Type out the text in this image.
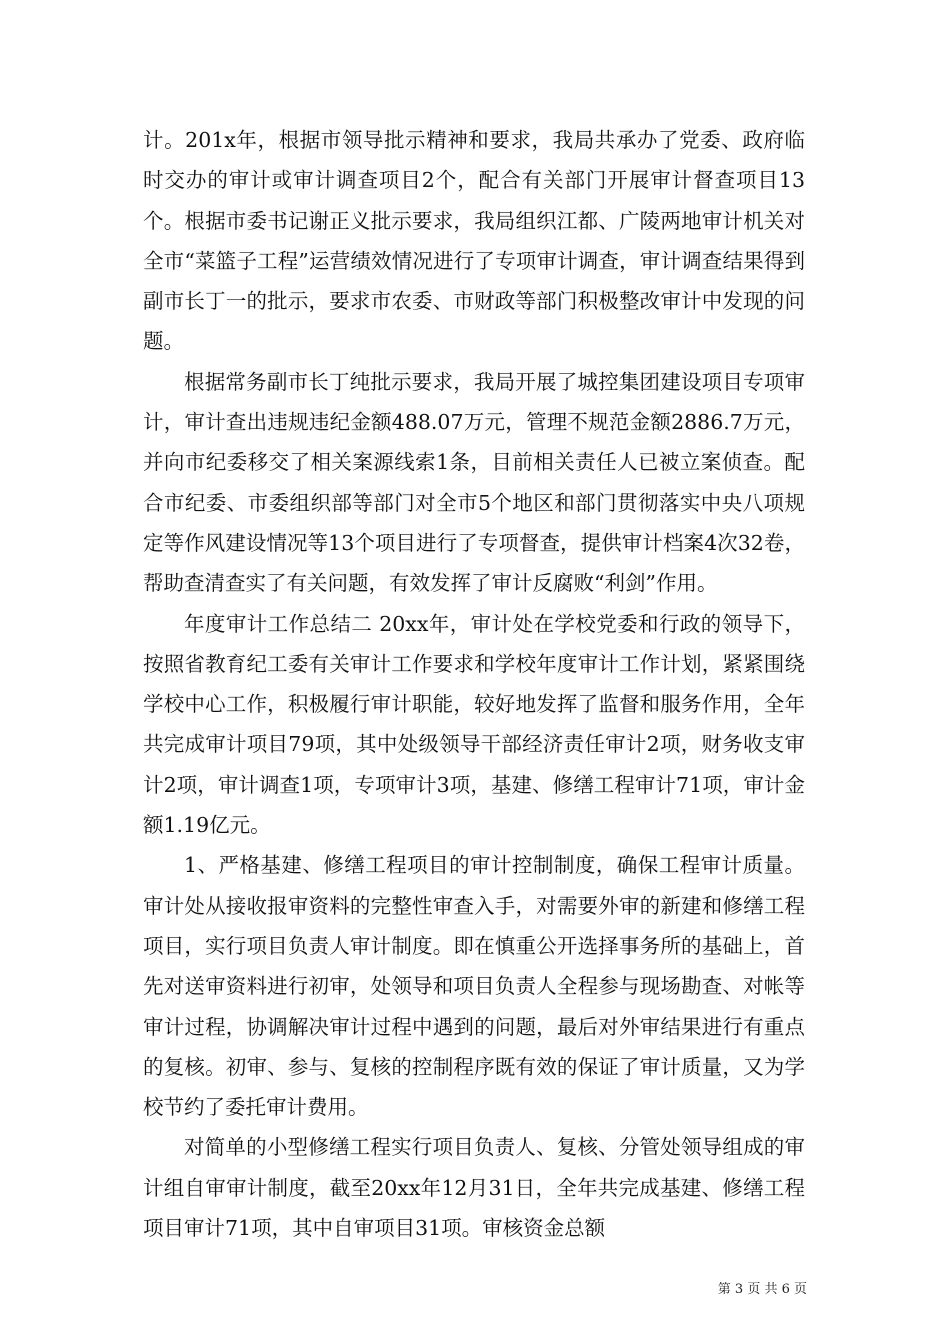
计。201x年，根据市领导批示精神和要求，我局共承办了党委、政府临时交办的审计或审计调查项目2个，配合有关部门开展审计督查项目13个。根据市委书记谢正义批示要求，我局组织江都、广陵两地审计机关对全市“菜篮子工程”运营绩效情况进行了专项审计调查，审计调查结果得到副市长丁一的批示，要求市农委、市财政等部门积极整改审计中发现的问题。

根据常务副市长丁纯批示要求，我局开展了城控集团建设项目专项审计，审计查出违规违纪金额488.07万元，管理不规范金额2886.7万元，并向市纪委移交了相关案源线索1条，目前相关责任人已被立案侦查。配合市纪委、市委组织部等部门对全市5个地区和部门贯彻落实中央八项规定等作风建设情况等13个项目进行了专项督查，提供审计档案4次32卷，帮助查清查实了有关问题，有效发挥了审计反腐败“利剑”作用。

年度审计工作总结二 20xx年，审计处在学校党委和行政的领导下，按照省教育纪工委有关审计工作要求和学校年度审计工作计划，紧紧围绕学校中心工作，积极履行审计职能，较好地发挥了监督和服务作用，全年共完成审计项目79项，其中处级领导干部经济责任审计2项，财务收支审计2项，审计调查1项，专项审计3项，基建、修缮工程审计71项，审计金额1.19亿元。

1、严格基建、修缮工程项目的审计控制制度，确保工程审计质量。审计处从接收报审资料的完整性审查入手，对需要外审的新建和修缮工程项目，实行项目负责人审计制度。即在慎重公开选择事务所的基础上，首先对送审资料进行初审，处领导和项目负责人全程参与现场勘查、对帐等审计过程，协调解决审计过程中遇到的问题，最后对外审结果进行有重点的复核。初审、参与、复核的控制程序既有效的保证了审计质量，又为学校节约了委托审计费用。

对简单的小型修缮工程实行项目负责人、复核、分管处领导组成的审计组自审审计制度，截至20xx年12月31日，全年共完成基建、修缮工程项目审计71项，其中自审项目31项。审核资金总额

第 3 页 共 6 页
